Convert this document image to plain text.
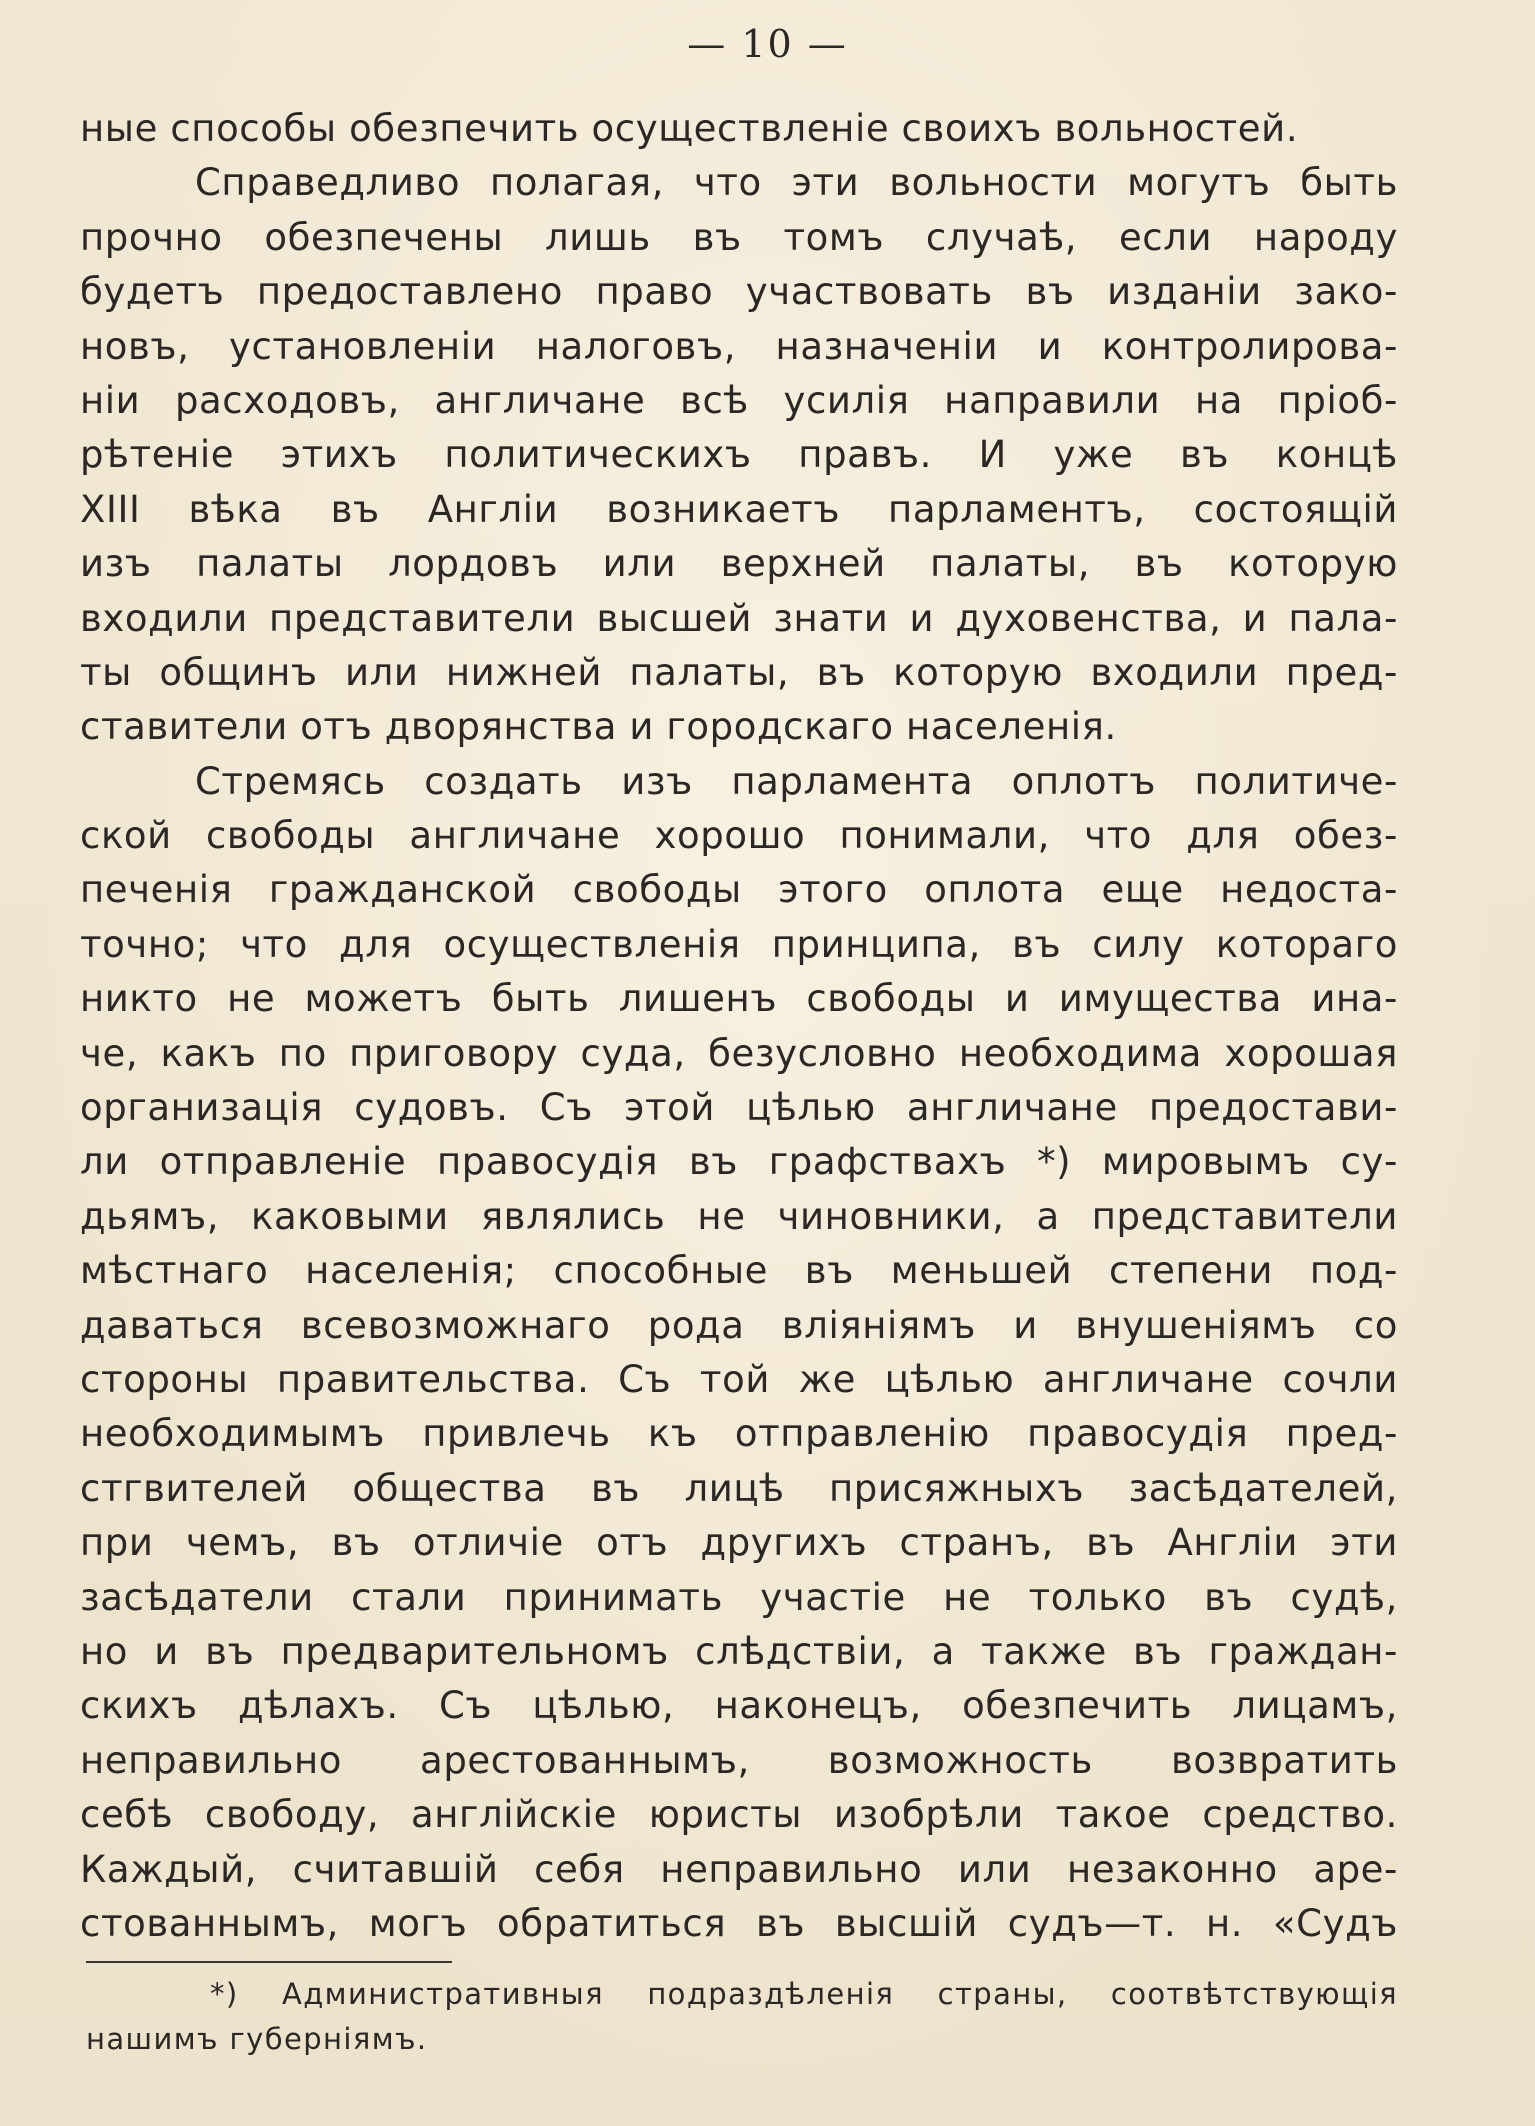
— 10 —
ные способы обезпечить осуществленіе своихъ вольностей.
Справедливо полагая, что эти вольности могутъ быть
прочно обезпечены лишь въ томъ случаѣ, если народу
будетъ предоставлено право участвовать въ изданіи зако-
новъ, установленіи налоговъ, назначеніи и контролирова-
ніи расходовъ, англичане всѣ усилія направили на пріоб-
рѣтеніе этихъ политическихъ правъ. И уже въ концѣ
XIII вѣка въ Англіи возникаетъ парламентъ, состоящій
изъ палаты лордовъ или верхней палаты, въ которую
входили представители высшей знати и духовенства, и пала-
ты общинъ или нижней палаты, въ которую входили пред-
ставители отъ дворянства и городскаго населенія.
Стремясь создать изъ парламента оплотъ политиче-
ской свободы англичане хорошо понимали, что для обез-
печенія гражданской свободы этого оплота еще недоста-
точно; что для осуществленія принципа, въ силу котораго
никто не можетъ быть лишенъ свободы и имущества ина-
че, какъ по приговору суда, безусловно необходима хорошая
организація судовъ. Съ этой цѣлью англичане предостави-
ли отправленіе правосудія въ графствахъ *) мировымъ су-
дьямъ, каковыми являлись не чиновники, а представители
мѣстнаго населенія; способные въ меньшей степени под-
даваться всевозможнаго рода вліяніямъ и внушеніямъ со
стороны правительства. Съ той же цѣлью англичане сочли
необходимымъ привлечь къ отправленію правосудія пред-
стгвителей общества въ лицѣ присяжныхъ засѣдателей,
при чемъ, въ отличіе отъ другихъ странъ, въ Англіи эти
засѣдатели стали принимать участіе не только въ судѣ,
но и въ предварительномъ слѣдствіи, а также въ граждан-
скихъ дѣлахъ. Съ цѣлью, наконецъ, обезпечить лицамъ,
неправильно арестованнымъ, возможность возвратить
себѣ свободу, англійскіе юристы изобрѣли такое средство.
Каждый, считавшій себя неправильно или незаконно аре-
стованнымъ, могъ обратиться въ высшій судъ—т. н. «Судъ
*) Административныя подраздѣленія страны, соотвѣтствующія
нашимъ губерніямъ.
